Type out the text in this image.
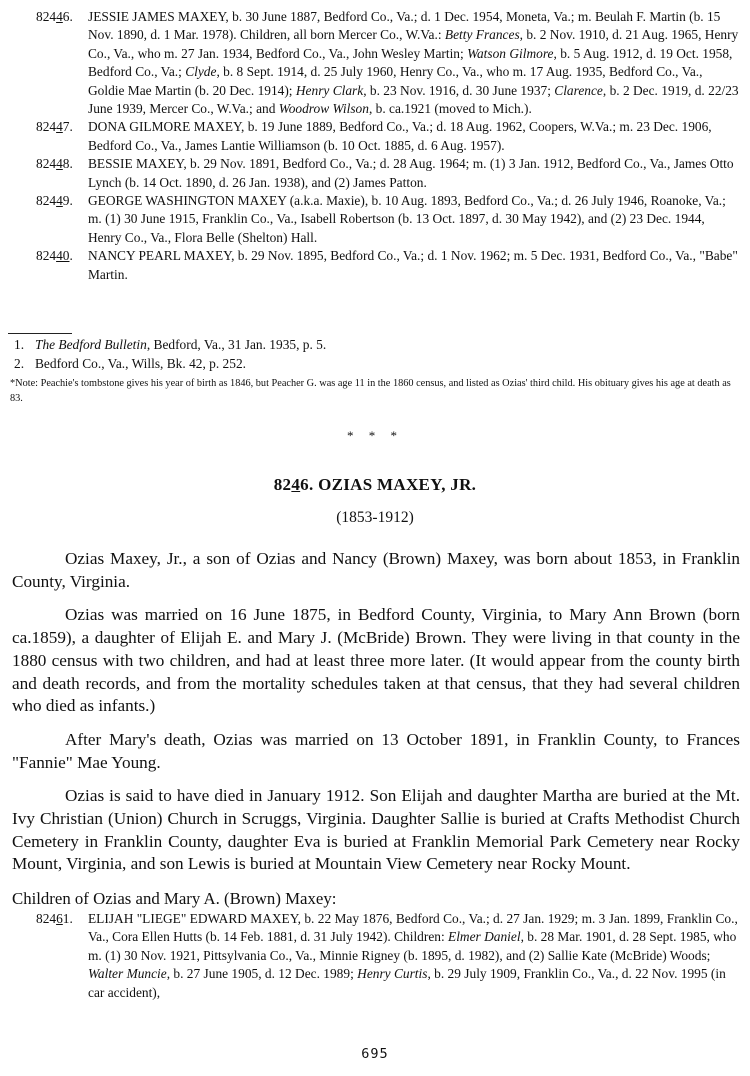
82446.	JESSIE JAMES MAXEY, b. 30 June 1887, Bedford Co., Va.; d. 1 Dec. 1954, Moneta, Va.; m. Beulah F. Martin (b. 15 Nov. 1890, d. 1 Mar. 1978). Children, all born Mercer Co., W.Va.: Betty Frances, b. 2 Nov. 1910, d. 21 Aug. 1965, Henry Co., Va., who m. 27 Jan. 1934, Bedford Co., Va., John Wesley Martin; Watson Gilmore, b. 5 Aug. 1912, d. 19 Oct. 1958, Bedford Co., Va.; Clyde, b. 8 Sept. 1914, d. 25 July 1960, Henry Co., Va., who m. 17 Aug. 1935, Bedford Co., Va., Goldie Mae Martin (b. 20 Dec. 1914); Henry Clark, b. 23 Nov. 1916, d. 30 June 1937; Clarence, b. 2 Dec. 1919, d. 22/23 June 1939, Mercer Co., W.Va.; and Woodrow Wilson, b. ca.1921 (moved to Mich.).
82447.	DONA GILMORE MAXEY, b. 19 June 1889, Bedford Co., Va.; d. 18 Aug. 1962, Coopers, W.Va.; m. 23 Dec. 1906, Bedford Co., Va., James Lantie Williamson (b. 10 Oct. 1885, d. 6 Aug. 1957).
82448.	BESSIE MAXEY, b. 29 Nov. 1891, Bedford Co., Va.; d. 28 Aug. 1964; m. (1) 3 Jan. 1912, Bedford Co., Va., James Otto Lynch (b. 14 Oct. 1890, d. 26 Jan. 1938), and (2) James Patton.
82449.	GEORGE WASHINGTON MAXEY (a.k.a. Maxie), b. 10 Aug. 1893, Bedford Co., Va.; d. 26 July 1946, Roanoke, Va.; m. (1) 30 June 1915, Franklin Co., Va., Isabell Robertson (b. 13 Oct. 1897, d. 30 May 1942), and (2) 23 Dec. 1944, Henry Co., Va., Flora Belle (Shelton) Hall.
82440.	NANCY PEARL MAXEY, b. 29 Nov. 1895, Bedford Co., Va.; d. 1 Nov. 1962; m. 5 Dec. 1931, Bedford Co., Va., "Babe" Martin.
1. The Bedford Bulletin, Bedford, Va., 31 Jan. 1935, p. 5.
2. Bedford Co., Va., Wills, Bk. 42, p. 252.
*Note: Peachie's tombstone gives his year of birth as 1846, but Peacher G. was age 11 in the 1860 census, and listed as Ozias' third child. His obituary gives his age at death as 83.
* * *
8246. OZIAS MAXEY, JR.
(1853-1912)

Ozias Maxey, Jr., a son of Ozias and Nancy (Brown) Maxey, was born about 1853, in Franklin County, Virginia.

Ozias was married on 16 June 1875, in Bedford County, Virginia, to Mary Ann Brown (born ca.1859), a daughter of Elijah E. and Mary J. (McBride) Brown. They were living in that county in the 1880 census with two children, and had at least three more later. (It would appear from the county birth and death records, and from the mortality schedules taken at that census, that they had several children who died as infants.)

After Mary's death, Ozias was married on 13 October 1891, in Franklin County, to Frances "Fannie" Mae Young.

Ozias is said to have died in January 1912. Son Elijah and daughter Martha are buried at the Mt. Ivy Christian (Union) Church in Scruggs, Virginia. Daughter Sallie is buried at Crafts Methodist Church Cemetery in Franklin County, daughter Eva is buried at Franklin Memorial Park Cemetery near Rocky Mount, Virginia, and son Lewis is buried at Mountain View Cemetery near Rocky Mount.

Children of Ozias and Mary A. (Brown) Maxey:
82461.	ELIJAH "LIEGE" EDWARD MAXEY, b. 22 May 1876, Bedford Co., Va.; d. 27 Jan. 1929; m. 3 Jan. 1899, Franklin Co., Va., Cora Ellen Hutts (b. 14 Feb. 1881, d. 31 July 1942). Children: Elmer Daniel, b. 28 Mar. 1901, d. 28 Sept. 1985, who m. (1) 30 Nov. 1921, Pittsylvania Co., Va., Minnie Rigney (b. 1895, d. 1982), and (2) Sallie Kate (McBride) Woods; Walter Muncie, b. 27 June 1905, d. 12 Dec. 1989; Henry Curtis, b. 29 July 1909, Franklin Co., Va., d. 22 Nov. 1995 (in car accident),
695
